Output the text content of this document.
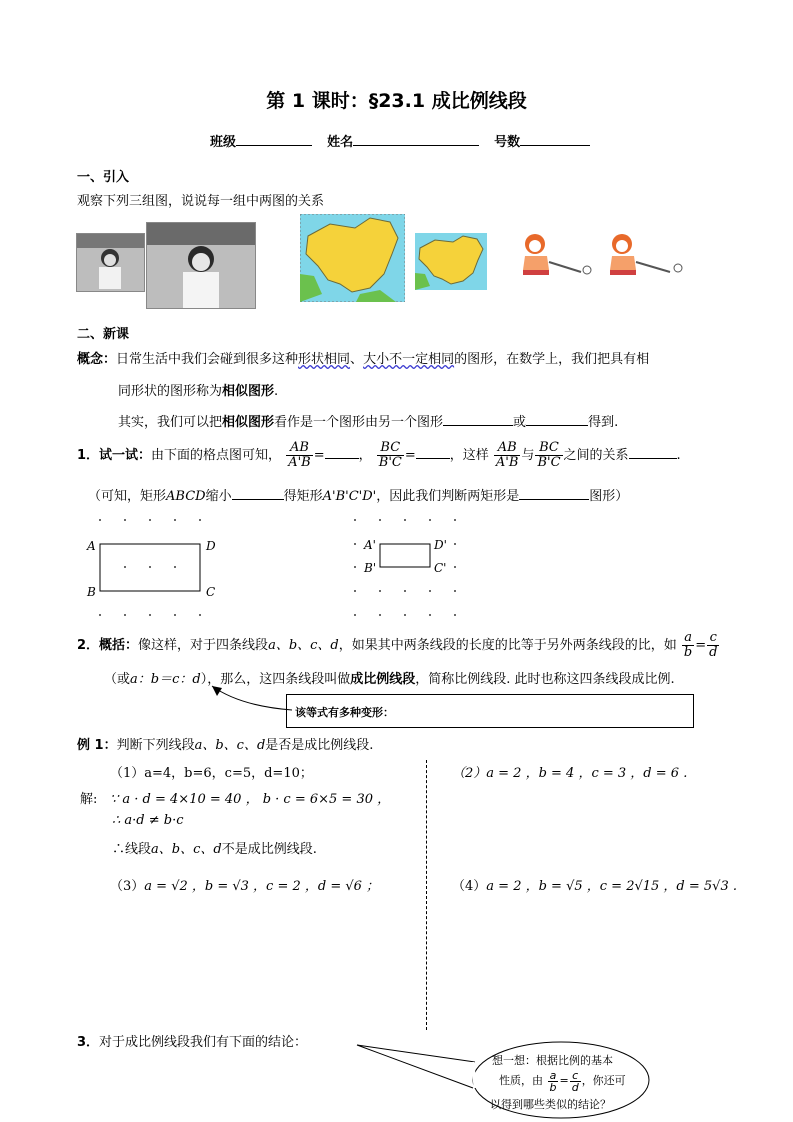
第 1 课时：§23.1 成比例线段
班级	姓名	号数
一、引入
观察下列三组图，说说每一组中两图的关系
二、新课
概念：日常生活中我们会碰到很多这种形状相同、大小不一定相同的图形，在数学上，我们把具有相
同形状的图形称为相似图形.
其实，我们可以把相似图形看作是一个图形由另一个图形	或	得到.
1．试一试：由下面的格点图可知， $\frac{AB}{A'B}$ =	， $\frac{BC}{B'C}$ =	，这样 $\frac{AB}{A'B}$ 与 $\frac{BC}{B'C}$ 之间的关系	.
（可知，矩形ABCD缩小	得矩形A'B'C'D'，因此我们判断两矩形是	图形）
A	D
B	C
A'	D'
B'	C'
2．概括：像这样，对于四条线段a、b、c、d，如果其中两条线段的长度的比等于另外两条线段的比，如 $\frac{a}{b} = \frac{c}{d}$
（或a：b＝c：d），那么，这四条线段叫做成比例线段，简称比例线段. 此时也称这四条线段成比例.
该等式有多种变形：
例 1：判断下列线段a、b、c、d是否是成比例线段.
（1）a=4，b=6，c=5，d=10；	（2）a = 2 ，b = 4 ，c = 3 ，d = 6 .
解: ∵ a · d = 4×10 = 40 ， b · c = 6×5 = 30 ，
∴ a·d ≠ b·c
∴线段a、b、c、d不是成比例线段.
（3）a = √2 ，b = √3 ，c = 2 ，d = √6 ；	（4）a = 2 ，b = √5 ，c = 2√15 ，d = 5√3 .
3．对于成比例线段我们有下面的结论：
想一想：根据比例的基本
性质，由 $\frac{a}{b} = \frac{c}{d}$ ，你还可
以得到哪些类似的结论？
